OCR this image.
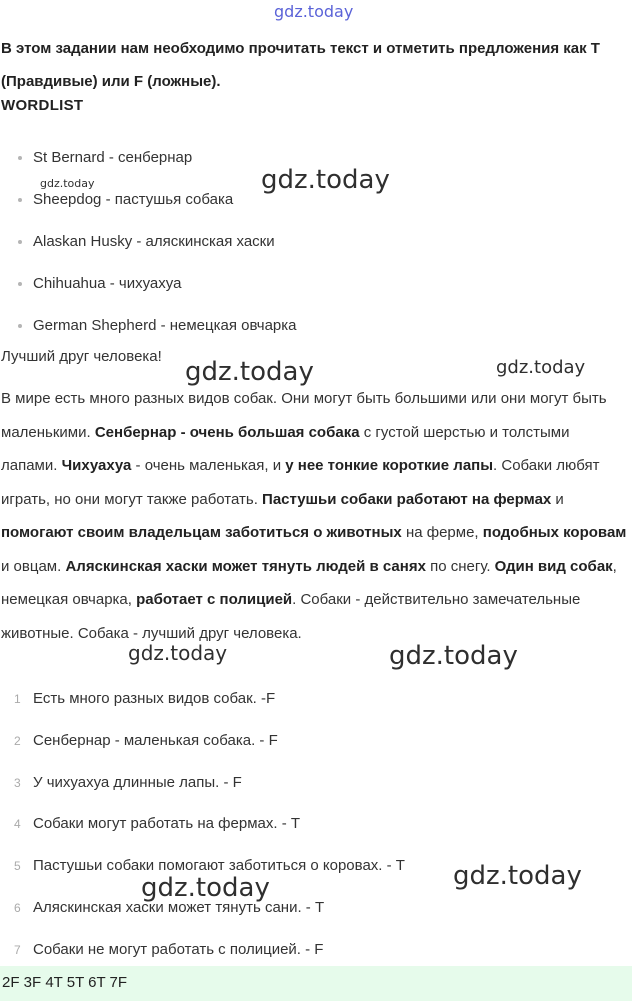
gdz.today

В этом задании нам необходимо прочитать текст и отметить предложения как Т (Правдивые) или F (ложные).

WORDLIST
St Bernard - сенбернар
Sheepdog - пастушья собака
Alaskan Husky - аляскинская хаски
Chihuahua - чихуахуа
German Shepherd - немецкая овчарка
Лучший друг человека!

В мире есть много разных видов собак. Они могут быть большими или они могут быть маленькими. Сенбернар - очень большая собака с густой шерстью и толстыми лапами. Чихуахуа - очень маленькая, и у нее тонкие короткие лапы. Собаки любят играть, но они могут также работать. Пастушьи собаки работают на фермах и помогают своим владельцам заботиться о животных на ферме, подобных коровам и овцам. Аляскинская хаски может тянуть людей в санях по снегу. Один вид собак, немецкая овчарка, работает с полицией. Собаки - действительно замечательные животные. Собака - лучший друг человека.

1 Есть много разных видов собак. -F
2 Сенбернар - маленькая собака. - F
3 У чихуахуа длинные лапы. - F
4 Собаки могут работать на фермах. - Т
5 Пастушьи собаки помогают заботиться о коровах. - Т
6 Аляскинская хаски может тянуть сани. - Т
7 Собаки не могут работать с полицией. - F
2F 3F 4T 5T 6T 7F
gdz.today	gdz.today
gdz.today	gdz.today
gdz.today	gdz.today
gdz.today
gdz.today
